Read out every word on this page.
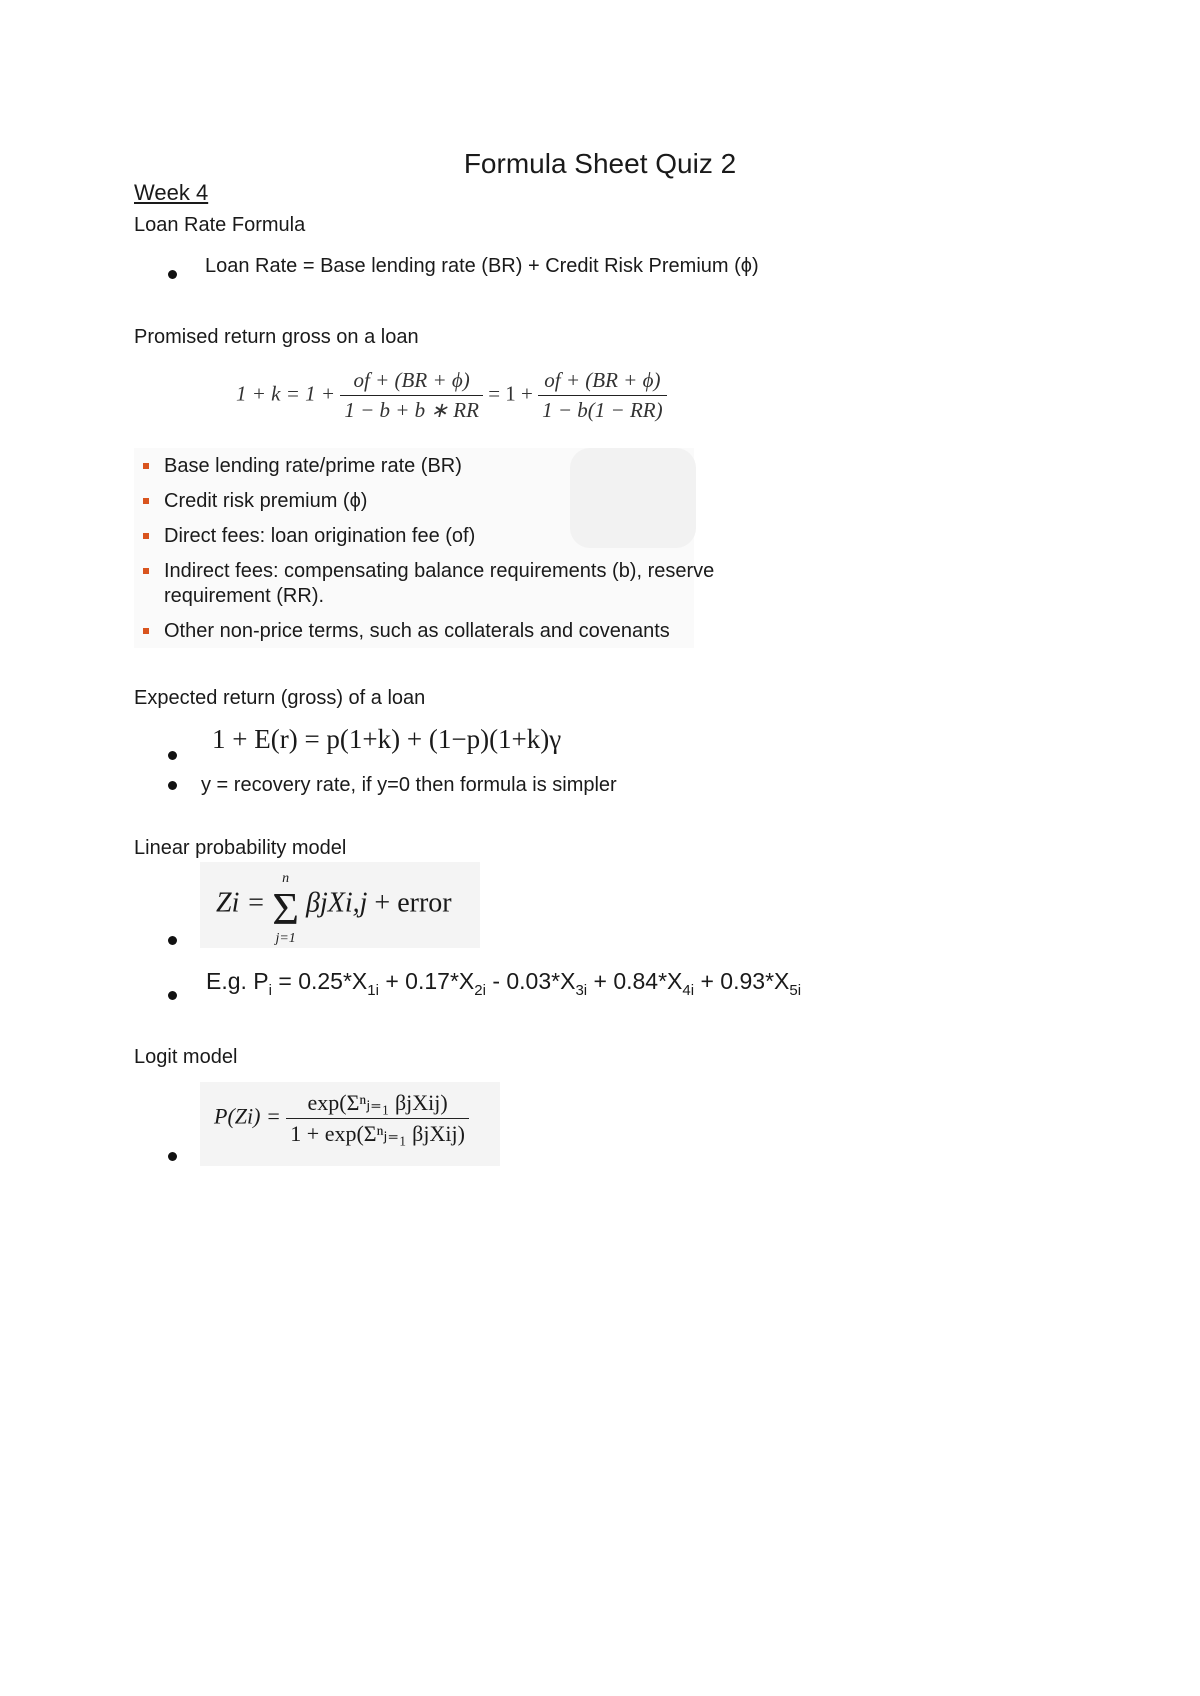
Formula Sheet Quiz 2
Week 4
Loan Rate Formula
Loan Rate = Base lending rate (BR) + Credit Risk Premium (ϕ)
Promised return gross on a loan
$1 + k = 1 + \frac{of + (BR + \phi)}{1 - b + b ∗ RR} = 1 + \frac{of + (BR + \phi)}{1 - b(1 - RR)}$
Base lending rate/prime rate (BR)
Credit risk premium (ϕ)
Direct fees: loan origination fee (of)
Indirect fees: compensating balance requirements (b), reserve
requirement (RR).
Other non-price terms, such as collaterals and covenants
Expected return (gross) of a loan
1 + E(r) = p(1+k) + (1−p)(1+k)γ
y = recovery rate, if y=0 then formula is simpler
Linear probability model
Zi =
n
Σ
j=1
βjXi,j + error
E.g. $P_i = 0.25*X_{1i} + 0.17*X_{2i} - 0.03*X_{3i} + 0.84*X_{4i} + 0.93*X_{5i}$
Logit model
$P(Zi) = \frac{\text{exp(Σⁿⱼ₌₁ βjXij)}}{\text{1 + exp(Σⁿⱼ₌₁ βjXij)}}$
